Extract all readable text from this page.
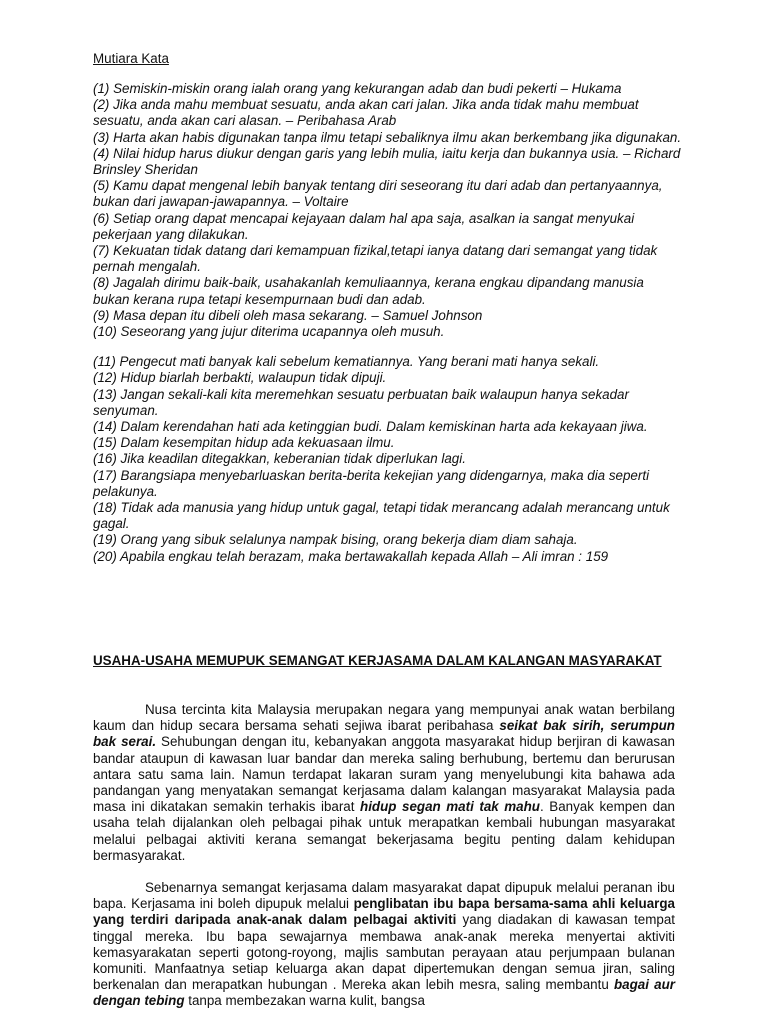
Mutiara Kata

(1) Semiskin-miskin orang ialah orang yang kekurangan adab dan budi pekerti – Hukama

(2) Jika anda mahu membuat sesuatu, anda akan cari jalan. Jika anda tidak mahu membuat sesuatu, anda akan cari alasan. – Peribahasa Arab

(3) Harta akan habis digunakan tanpa ilmu tetapi sebaliknya ilmu akan berkembang jika digunakan.

(4) Nilai hidup harus diukur dengan garis yang lebih mulia, iaitu kerja dan bukannya usia. – Richard Brinsley Sheridan

(5) Kamu dapat mengenal lebih banyak tentang diri seseorang itu dari adab dan pertanyaannya, bukan dari jawapan-jawapannya. – Voltaire

(6) Setiap orang dapat mencapai kejayaan dalam hal apa saja, asalkan ia sangat menyukai pekerjaan yang dilakukan.

(7) Kekuatan tidak datang dari kemampuan fizikal,tetapi ianya datang dari semangat yang tidak pernah mengalah.

(8) Jagalah dirimu baik-baik, usahakanlah kemuliaannya, kerana engkau dipandang manusia bukan kerana rupa tetapi kesempurnaan budi dan adab.

(9) Masa depan itu dibeli oleh masa sekarang. – Samuel Johnson

(10) Seseorang yang jujur diterima ucapannya oleh musuh.

(11) Pengecut mati banyak kali sebelum kematiannya. Yang berani mati hanya sekali.

(12) Hidup biarlah berbakti, walaupun tidak dipuji.

(13) Jangan sekali-kali kita meremehkan sesuatu perbuatan baik walaupun hanya sekadar senyuman.

(14) Dalam kerendahan hati ada ketinggian budi. Dalam kemiskinan harta ada kekayaan jiwa.

(15) Dalam kesempitan hidup ada kekuasaan ilmu.

(16) Jika keadilan ditegakkan, keberanian tidak diperlukan lagi.

(17) Barangsiapa menyebarluaskan berita-berita kekejian yang didengarnya, maka dia seperti pelakunya.

(18) Tidak ada manusia yang hidup untuk gagal, tetapi tidak merancang adalah merancang untuk gagal.

(19) Orang yang sibuk selalunya nampak bising, orang bekerja diam diam sahaja.

(20) Apabila engkau telah berazam, maka bertawakallah kepada Allah – Ali imran : 159

USAHA-USAHA MEMUPUK SEMANGAT KERJASAMA DALAM KALANGAN MASYARAKAT

Nusa tercinta kita Malaysia merupakan negara yang mempunyai anak watan berbilang kaum dan hidup secara bersama sehati sejiwa ibarat peribahasa seikat bak sirih, serumpun bak serai. Sehubungan dengan itu, kebanyakan anggota masyarakat hidup berjiran di kawasan bandar ataupun di kawasan luar bandar dan mereka saling berhubung, bertemu dan berurusan antara satu sama lain. Namun terdapat lakaran suram yang menyelubungi kita bahawa ada pandangan yang menyatakan semangat kerjasama dalam kalangan masyarakat Malaysia pada masa ini dikatakan semakin terhakis ibarat hidup segan mati tak mahu. Banyak kempen dan usaha telah dijalankan oleh pelbagai pihak untuk merapatkan kembali hubungan masyarakat melalui pelbagai aktiviti kerana semangat bekerjasama begitu penting dalam kehidupan bermasyarakat.

Sebenarnya semangat kerjasama dalam masyarakat dapat dipupuk melalui peranan ibu bapa. Kerjasama ini boleh dipupuk melalui penglibatan ibu bapa bersama-sama ahli keluarga yang terdiri daripada anak-anak dalam pelbagai aktiviti yang diadakan di kawasan tempat tinggal mereka. Ibu bapa sewajarnya membawa anak-anak mereka menyertai aktiviti kemasyarakatan seperti gotong-royong, majlis sambutan perayaan atau perjumpaan bulanan komuniti. Manfaatnya setiap keluarga akan dapat dipertemukan dengan semua jiran, saling berkenalan dan merapatkan hubungan . Mereka akan lebih mesra, saling membantu bagai aur dengan tebing tanpa membezakan warna kulit, bangsa
